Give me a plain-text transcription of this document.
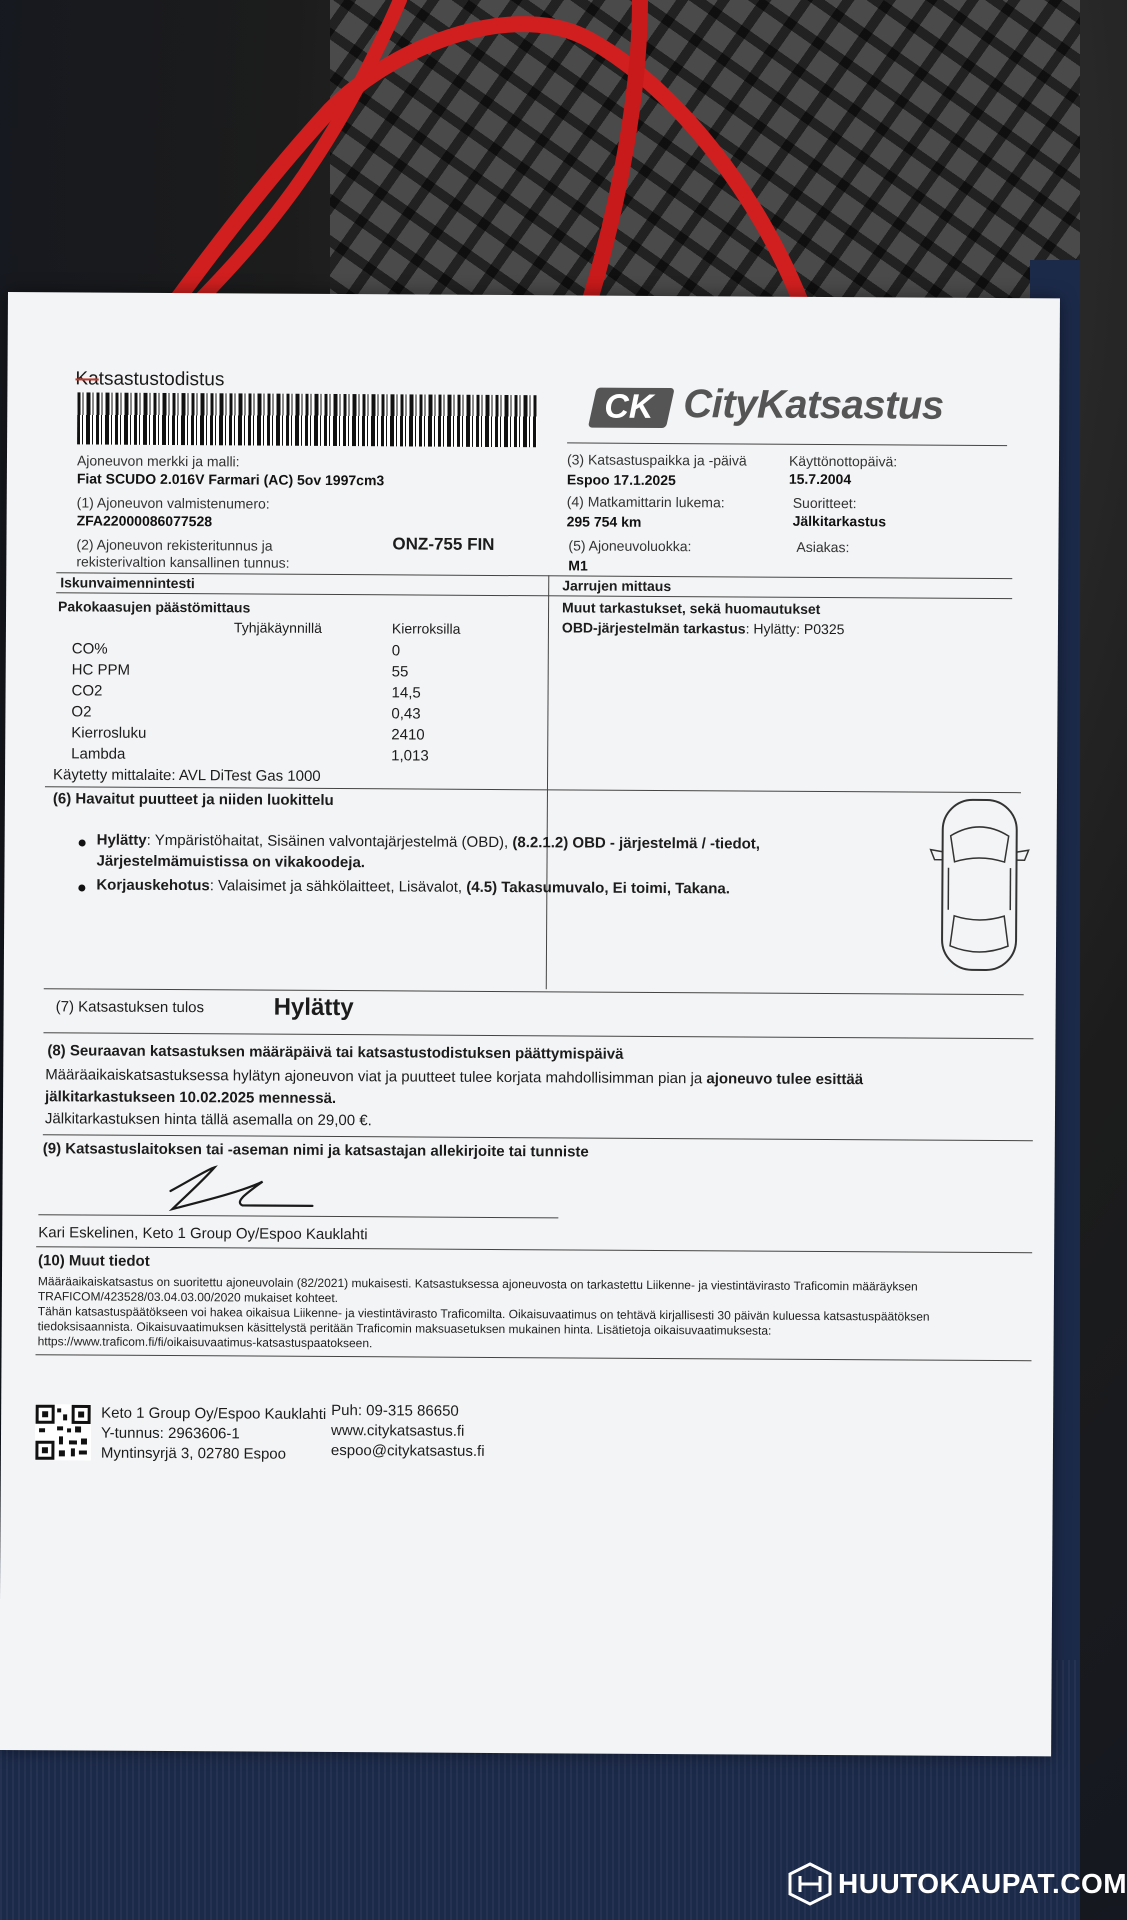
Katsastustodistus
CK CityKatsastus
Ajoneuvon merkki ja malli:
Fiat SCUDO 2.016V Farmari (AC) 5ov 1997cm3
(1) Ajoneuvon valmistenumero:
ZFA22000086077528
(2) Ajoneuvon rekisteritunnus ja
rekisterivaltion kansallinen tunnus:
ONZ-755 FIN
(3) Katsastuspaikka ja -päivä
Espoo 17.1.2025
Käyttönottopäivä:
15.7.2004
(4) Matkamittarin lukema:
295 754 km
Suoritteet:
Jälkitarkastus
(5) Ajoneuvoluokka:
M1
Asiakas:
Iskunvaimennintesti
Pakokaasujen päästömittaus
Tyhjäkäynnillä	Kierroksilla
CO%	0
HC PPM	55
CO2	14,5
O2	0,43
Kierrosluku	2410
Lambda	1,013
Käytetty mittalaite: AVL DiTest Gas 1000
Jarrujen mittaus
Muut tarkastukset, sekä huomautukset
OBD-järjestelmän tarkastus: Hylätty: P0325
(6) Havaitut puutteet ja niiden luokittelu
Hylätty: Ympäristöhaitat, Sisäinen valvontajärjestelmä (OBD), (8.2.1.2) OBD - järjestelmä / -tiedot,
Järjestelmämuistissa on vikakoodeja.
Korjauskehotus: Valaisimet ja sähkölaitteet, Lisävalot, (4.5) Takasumuvalo, Ei toimi, Takana.
(7) Katsastuksen tulos	Hylätty
(8) Seuraavan katsastuksen määräpäivä tai katsastustodistuksen päättymispäivä
Määräaikaiskatsastuksessa hylätyn ajoneuvon viat ja puutteet tulee korjata mahdollisimman pian ja ajoneuvo tulee esittää
jälkitarkastukseen 10.02.2025 mennessä.
Jälkitarkastuksen hinta tällä asemalla on 29,00 €.
(9) Katsastuslaitoksen tai -aseman nimi ja katsastajan allekirjoite tai tunniste
Kari Eskelinen, Keto 1 Group Oy/Espoo Kauklahti
(10) Muut tiedot
Määräaikaiskatsastus on suoritettu ajoneuvolain (82/2021) mukaisesti. Katsastuksessa ajoneuvosta on tarkastettu Liikenne- ja viestintävirasto Traficomin määräyksen
TRAFICOM/423528/03.04.03.00/2020 mukaiset kohteet.
Tähän katsastuspäätökseen voi hakea oikaisua Liikenne- ja viestintävirasto Traficomilta. Oikaisuvaatimus on tehtävä kirjallisesti 30 päivän kuluessa katsastuspäätöksen
tiedoksisaannista. Oikaisuvaatimuksen käsittelystä peritään Traficomin maksuasetuksen mukainen hinta. Lisätietoja oikaisuvaatimuksesta:
https://www.traficom.fi/fi/oikaisuvaatimus-katsastuspaatokseen.
Keto 1 Group Oy/Espoo Kauklahti
Y-tunnus: 2963606-1
Myntinsyrjä 3, 02780 Espoo
Puh: 09-315 86650
www.citykatsastus.fi
espoo@citykatsastus.fi
HUUTOKAUPAT.COM
